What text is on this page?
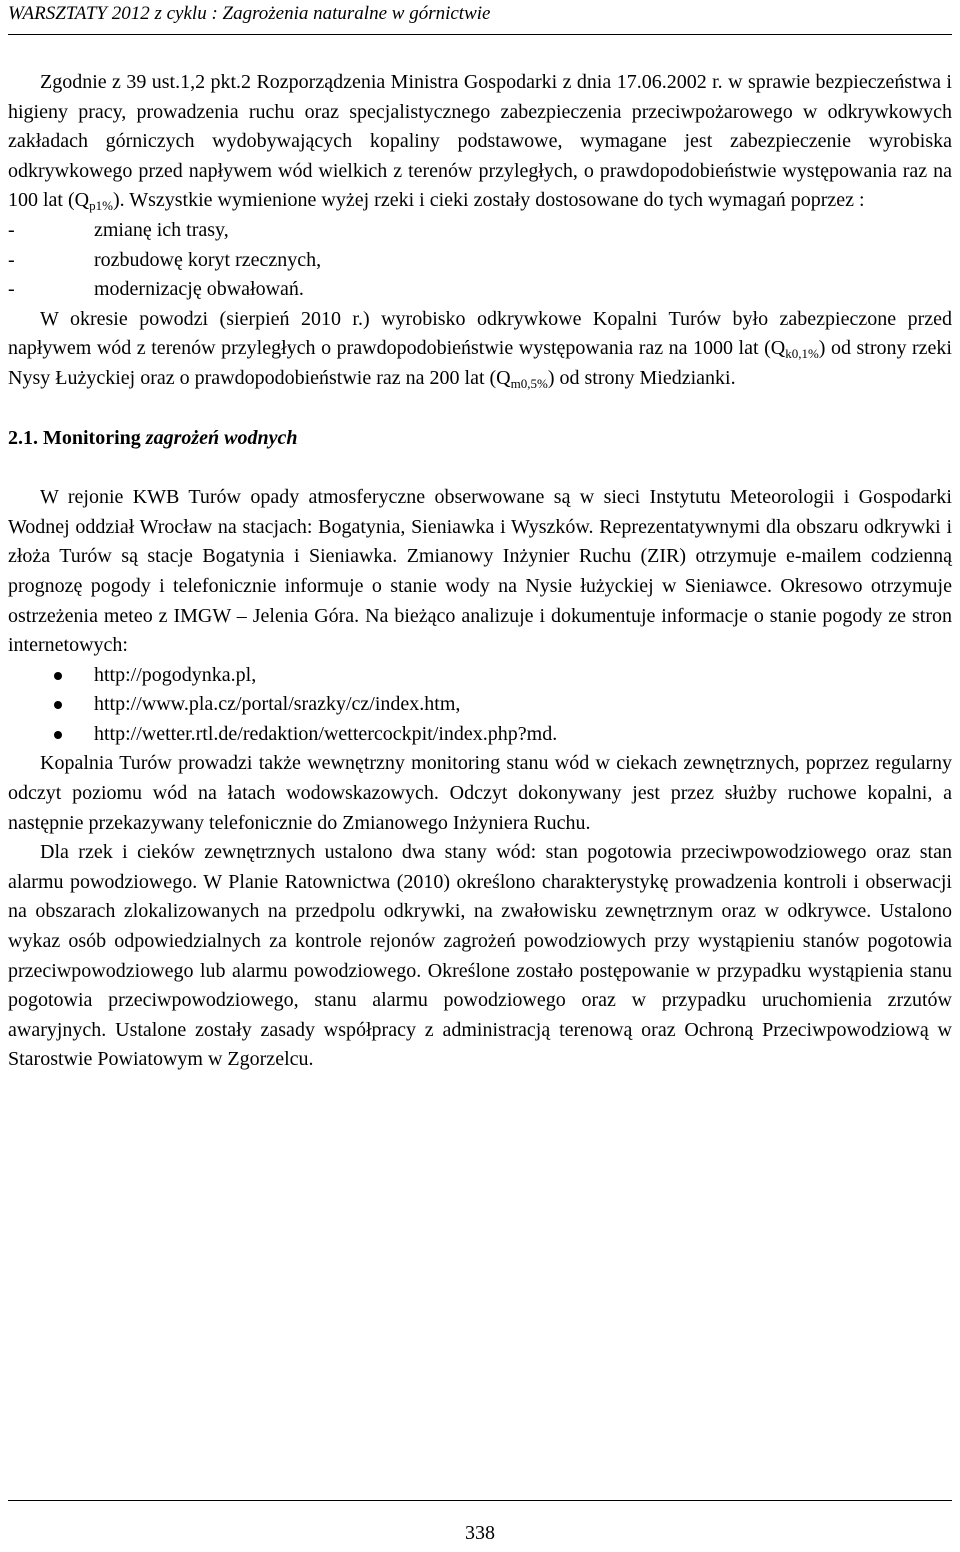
WARSZTATY 2012 z cyklu : Zagrożenia naturalne w górnictwie

Zgodnie z 39 ust.1,2 pkt.2 Rozporządzenia Ministra Gospodarki z dnia 17.06.2002 r. w sprawie bezpieczeństwa i higieny pracy, prowadzenia ruchu oraz specjalistycznego zabezpieczenia przeciwpożarowego w odkrywkowych zakładach górniczych wydobywających kopaliny podstawowe, wymagane jest zabezpieczenie wyrobiska odkrywkowego przed napływem wód wielkich z terenów przyległych, o prawdopodobieństwie występowania raz na 100 lat $(Q_{p1\%})$. Wszystkie wymienione wyżej rzeki i cieki zostały dostosowane do tych wymagań poprzez :

-	zmianę ich trasy,
-	rozbudowę koryt rzecznych,
-	modernizację obwałowań.

W okresie powodzi (sierpień 2010 r.) wyrobisko odkrywkowe Kopalni Turów było zabezpieczone przed napływem wód z terenów przyległych o prawdopodobieństwie występowania raz na 1000 lat $(Q_{k0,1\%})$ od strony rzeki Nysy Łużyckiej oraz o prawdopodobieństwie raz na 200 lat $(Q_{m0,5\%})$ od strony Miedzianki.

2.1. Monitoring zagrożeń wodnych

W rejonie KWB Turów opady atmosferyczne obserwowane są w sieci Instytutu Meteorologii i Gospodarki Wodnej oddział Wrocław na stacjach: Bogatynia, Sieniawka i Wyszków. Reprezentatywnymi dla obszaru odkrywki i złoża Turów są stacje Bogatynia i Sieniawka. Zmianowy Inżynier Ruchu (ZIR) otrzymuje e-mailem codzienną prognozę pogody i telefonicznie informuje o stanie wody na Nysie łużyckiej w Sieniawce. Okresowo otrzymuje ostrzeżenia meteo z IMGW – Jelenia Góra. Na bieżąco analizuje i dokumentuje informacje o stanie pogody ze stron internetowych:

http://pogodynka.pl,
http://www.pla.cz/portal/srazky/cz/index.htm,
http://wetter.rtl.de/redaktion/wettercockpit/index.php?md.

Kopalnia Turów prowadzi także wewnętrzny monitoring stanu wód w ciekach zewnętrznych, poprzez regularny odczyt poziomu wód na łatach wodowskazowych. Odczyt dokonywany jest przez służby ruchowe kopalni, a następnie przekazywany telefonicznie do Zmianowego Inżyniera Ruchu.

Dla rzek i cieków zewnętrznych ustalono dwa stany wód: stan pogotowia przeciwpowodziowego oraz stan alarmu powodziowego. W Planie Ratownictwa (2010) określono charakterystykę prowadzenia kontroli i obserwacji na obszarach zlokalizowanych na przedpolu odkrywki, na zwałowisku zewnętrznym oraz w odkrywce. Ustalono wykaz osób odpowiedzialnych za kontrole rejonów zagrożeń powodziowych przy wystąpieniu stanów pogotowia przeciwpowodziowego lub alarmu powodziowego. Określone zostało postępowanie w przypadku wystąpienia stanu pogotowia przeciwpowodziowego, stanu alarmu powodziowego oraz w przypadku uruchomienia zrzutów awaryjnych. Ustalone zostały zasady współpracy z administracją terenową oraz Ochroną Przeciwpowodziową w Starostwie Powiatowym w Zgorzelcu.

338
